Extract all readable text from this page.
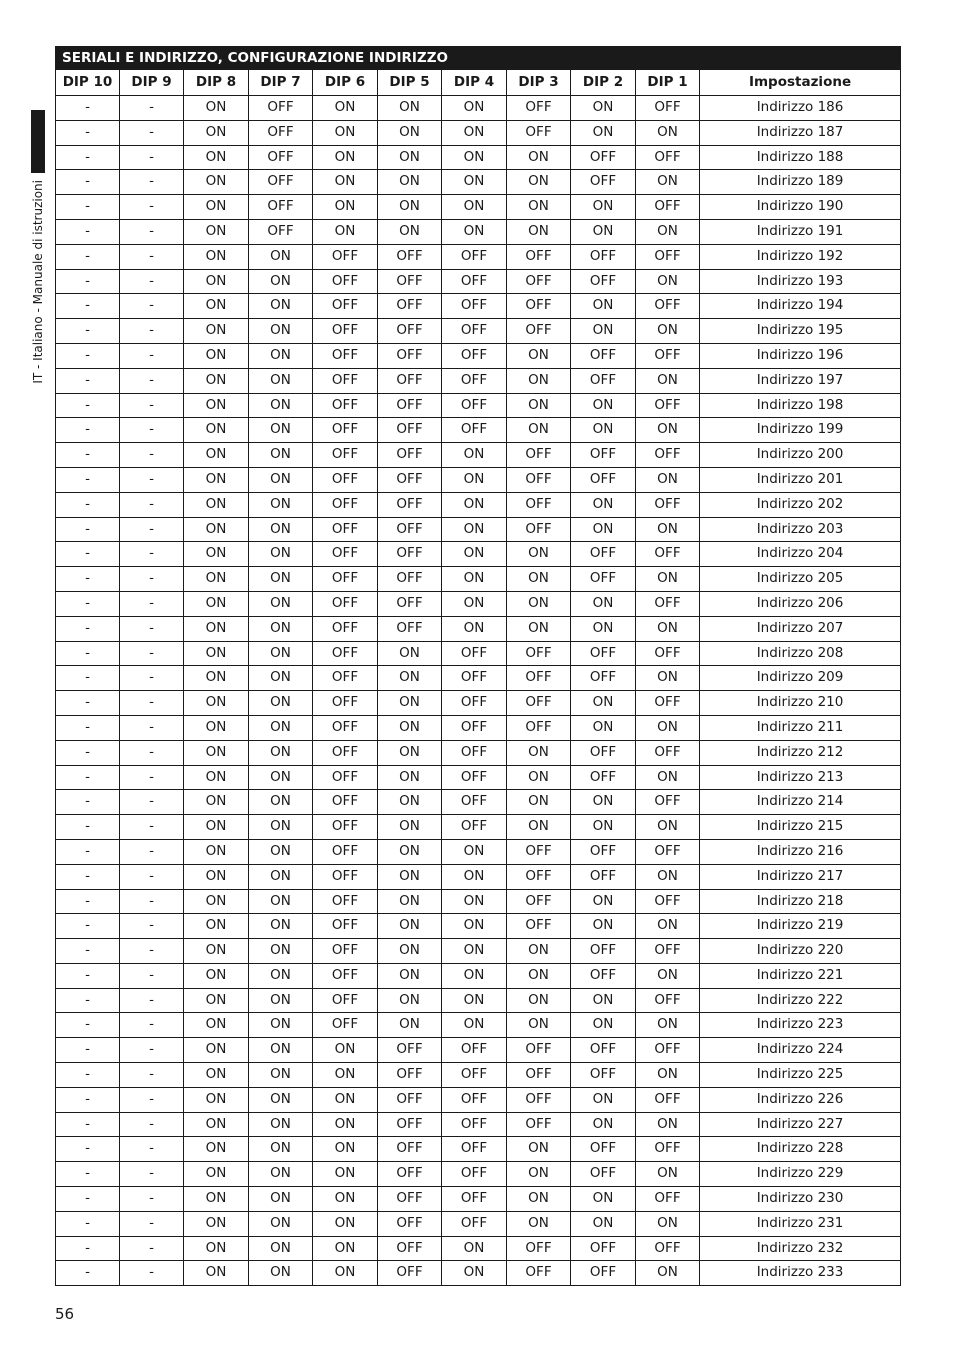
IT - Italiano - Manuale di istruzioni
SERIALI E INDIRIZZO, CONFIGURAZIONE INDIRIZZO										
DIP 10	DIP 9	DIP 8	DIP 7	DIP 6	DIP 5	DIP 4	DIP 3	DIP 2	DIP 1	Impostazione
-	-	ON	OFF	ON	ON	ON	OFF	ON	OFF	Indirizzo 186
-	-	ON	OFF	ON	ON	ON	OFF	ON	ON	Indirizzo 187
-	-	ON	OFF	ON	ON	ON	ON	OFF	OFF	Indirizzo 188
-	-	ON	OFF	ON	ON	ON	ON	OFF	ON	Indirizzo 189
-	-	ON	OFF	ON	ON	ON	ON	ON	OFF	Indirizzo 190
-	-	ON	OFF	ON	ON	ON	ON	ON	ON	Indirizzo 191
-	-	ON	ON	OFF	OFF	OFF	OFF	OFF	OFF	Indirizzo 192
-	-	ON	ON	OFF	OFF	OFF	OFF	OFF	ON	Indirizzo 193
-	-	ON	ON	OFF	OFF	OFF	OFF	ON	OFF	Indirizzo 194
-	-	ON	ON	OFF	OFF	OFF	OFF	ON	ON	Indirizzo 195
-	-	ON	ON	OFF	OFF	OFF	ON	OFF	OFF	Indirizzo 196
-	-	ON	ON	OFF	OFF	OFF	ON	OFF	ON	Indirizzo 197
-	-	ON	ON	OFF	OFF	OFF	ON	ON	OFF	Indirizzo 198
-	-	ON	ON	OFF	OFF	OFF	ON	ON	ON	Indirizzo 199
-	-	ON	ON	OFF	OFF	ON	OFF	OFF	OFF	Indirizzo 200
-	-	ON	ON	OFF	OFF	ON	OFF	OFF	ON	Indirizzo 201
-	-	ON	ON	OFF	OFF	ON	OFF	ON	OFF	Indirizzo 202
-	-	ON	ON	OFF	OFF	ON	OFF	ON	ON	Indirizzo 203
-	-	ON	ON	OFF	OFF	ON	ON	OFF	OFF	Indirizzo 204
-	-	ON	ON	OFF	OFF	ON	ON	OFF	ON	Indirizzo 205
-	-	ON	ON	OFF	OFF	ON	ON	ON	OFF	Indirizzo 206
-	-	ON	ON	OFF	OFF	ON	ON	ON	ON	Indirizzo 207
-	-	ON	ON	OFF	ON	OFF	OFF	OFF	OFF	Indirizzo 208
-	-	ON	ON	OFF	ON	OFF	OFF	OFF	ON	Indirizzo 209
-	-	ON	ON	OFF	ON	OFF	OFF	ON	OFF	Indirizzo 210
-	-	ON	ON	OFF	ON	OFF	OFF	ON	ON	Indirizzo 211
-	-	ON	ON	OFF	ON	OFF	ON	OFF	OFF	Indirizzo 212
-	-	ON	ON	OFF	ON	OFF	ON	OFF	ON	Indirizzo 213
-	-	ON	ON	OFF	ON	OFF	ON	ON	OFF	Indirizzo 214
-	-	ON	ON	OFF	ON	OFF	ON	ON	ON	Indirizzo 215
-	-	ON	ON	OFF	ON	ON	OFF	OFF	OFF	Indirizzo 216
-	-	ON	ON	OFF	ON	ON	OFF	OFF	ON	Indirizzo 217
-	-	ON	ON	OFF	ON	ON	OFF	ON	OFF	Indirizzo 218
-	-	ON	ON	OFF	ON	ON	OFF	ON	ON	Indirizzo 219
-	-	ON	ON	OFF	ON	ON	ON	OFF	OFF	Indirizzo 220
-	-	ON	ON	OFF	ON	ON	ON	OFF	ON	Indirizzo 221
-	-	ON	ON	OFF	ON	ON	ON	ON	OFF	Indirizzo 222
-	-	ON	ON	OFF	ON	ON	ON	ON	ON	Indirizzo 223
-	-	ON	ON	ON	OFF	OFF	OFF	OFF	OFF	Indirizzo 224
-	-	ON	ON	ON	OFF	OFF	OFF	OFF	ON	Indirizzo 225
-	-	ON	ON	ON	OFF	OFF	OFF	ON	OFF	Indirizzo 226
-	-	ON	ON	ON	OFF	OFF	OFF	ON	ON	Indirizzo 227
-	-	ON	ON	ON	OFF	OFF	ON	OFF	OFF	Indirizzo 228
-	-	ON	ON	ON	OFF	OFF	ON	OFF	ON	Indirizzo 229
-	-	ON	ON	ON	OFF	OFF	ON	ON	OFF	Indirizzo 230
-	-	ON	ON	ON	OFF	OFF	ON	ON	ON	Indirizzo 231
-	-	ON	ON	ON	OFF	ON	OFF	OFF	OFF	Indirizzo 232
-	-	ON	ON	ON	OFF	ON	OFF	OFF	ON	Indirizzo 233
56
